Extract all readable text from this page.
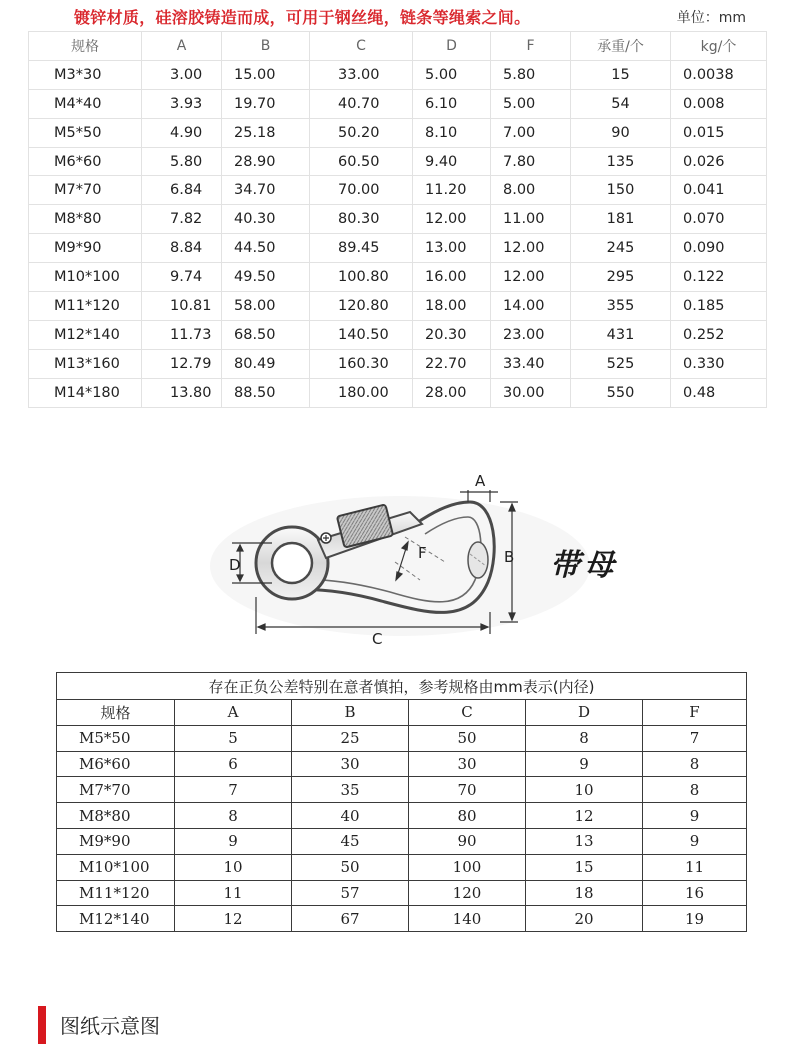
镀锌材质，硅溶胶铸造而成，可用于钢丝绳，链条等绳索之间。	单位：mm
规格	A	B	C	D	F	承重/个	kg/个
M3*30	3.00	15.00	33.00	5.00	5.80	15	0.0038
M4*40	3.93	19.70	40.70	6.10	5.00	54	0.008
M5*50	4.90	25.18	50.20	8.10	7.00	90	0.015
M6*60	5.80	28.90	60.50	9.40	7.80	135	0.026
M7*70	6.84	34.70	70.00	11.20	8.00	150	0.041
M8*80	7.82	40.30	80.30	12.00	11.00	181	0.070
M9*90	8.84	44.50	89.45	13.00	12.00	245	0.090
M10*100	9.74	49.50	100.80	16.00	12.00	295	0.122
M11*120	10.81	58.00	120.80	18.00	14.00	355	0.185
M12*140	11.73	68.50	140.50	20.30	23.00	431	0.252
M13*160	12.79	80.49	160.30	22.70	33.40	525	0.330
M14*180	13.80	88.50	180.00	28.00	30.00	550	0.48
A
B
C
D
F	带母
存在正负公差特别在意者慎拍，参考规格由mm表示(内径)					
规格	A	B	C	D	F
M5*50	5	25	50	8	7
M6*60	6	30	30	9	8
M7*70	7	35	70	10	8
M8*80	8	40	80	12	9
M9*90	9	45	90	13	9
M10*100	10	50	100	15	11
M11*120	11	57	120	18	16
M12*140	12	67	140	20	19
图纸示意图
